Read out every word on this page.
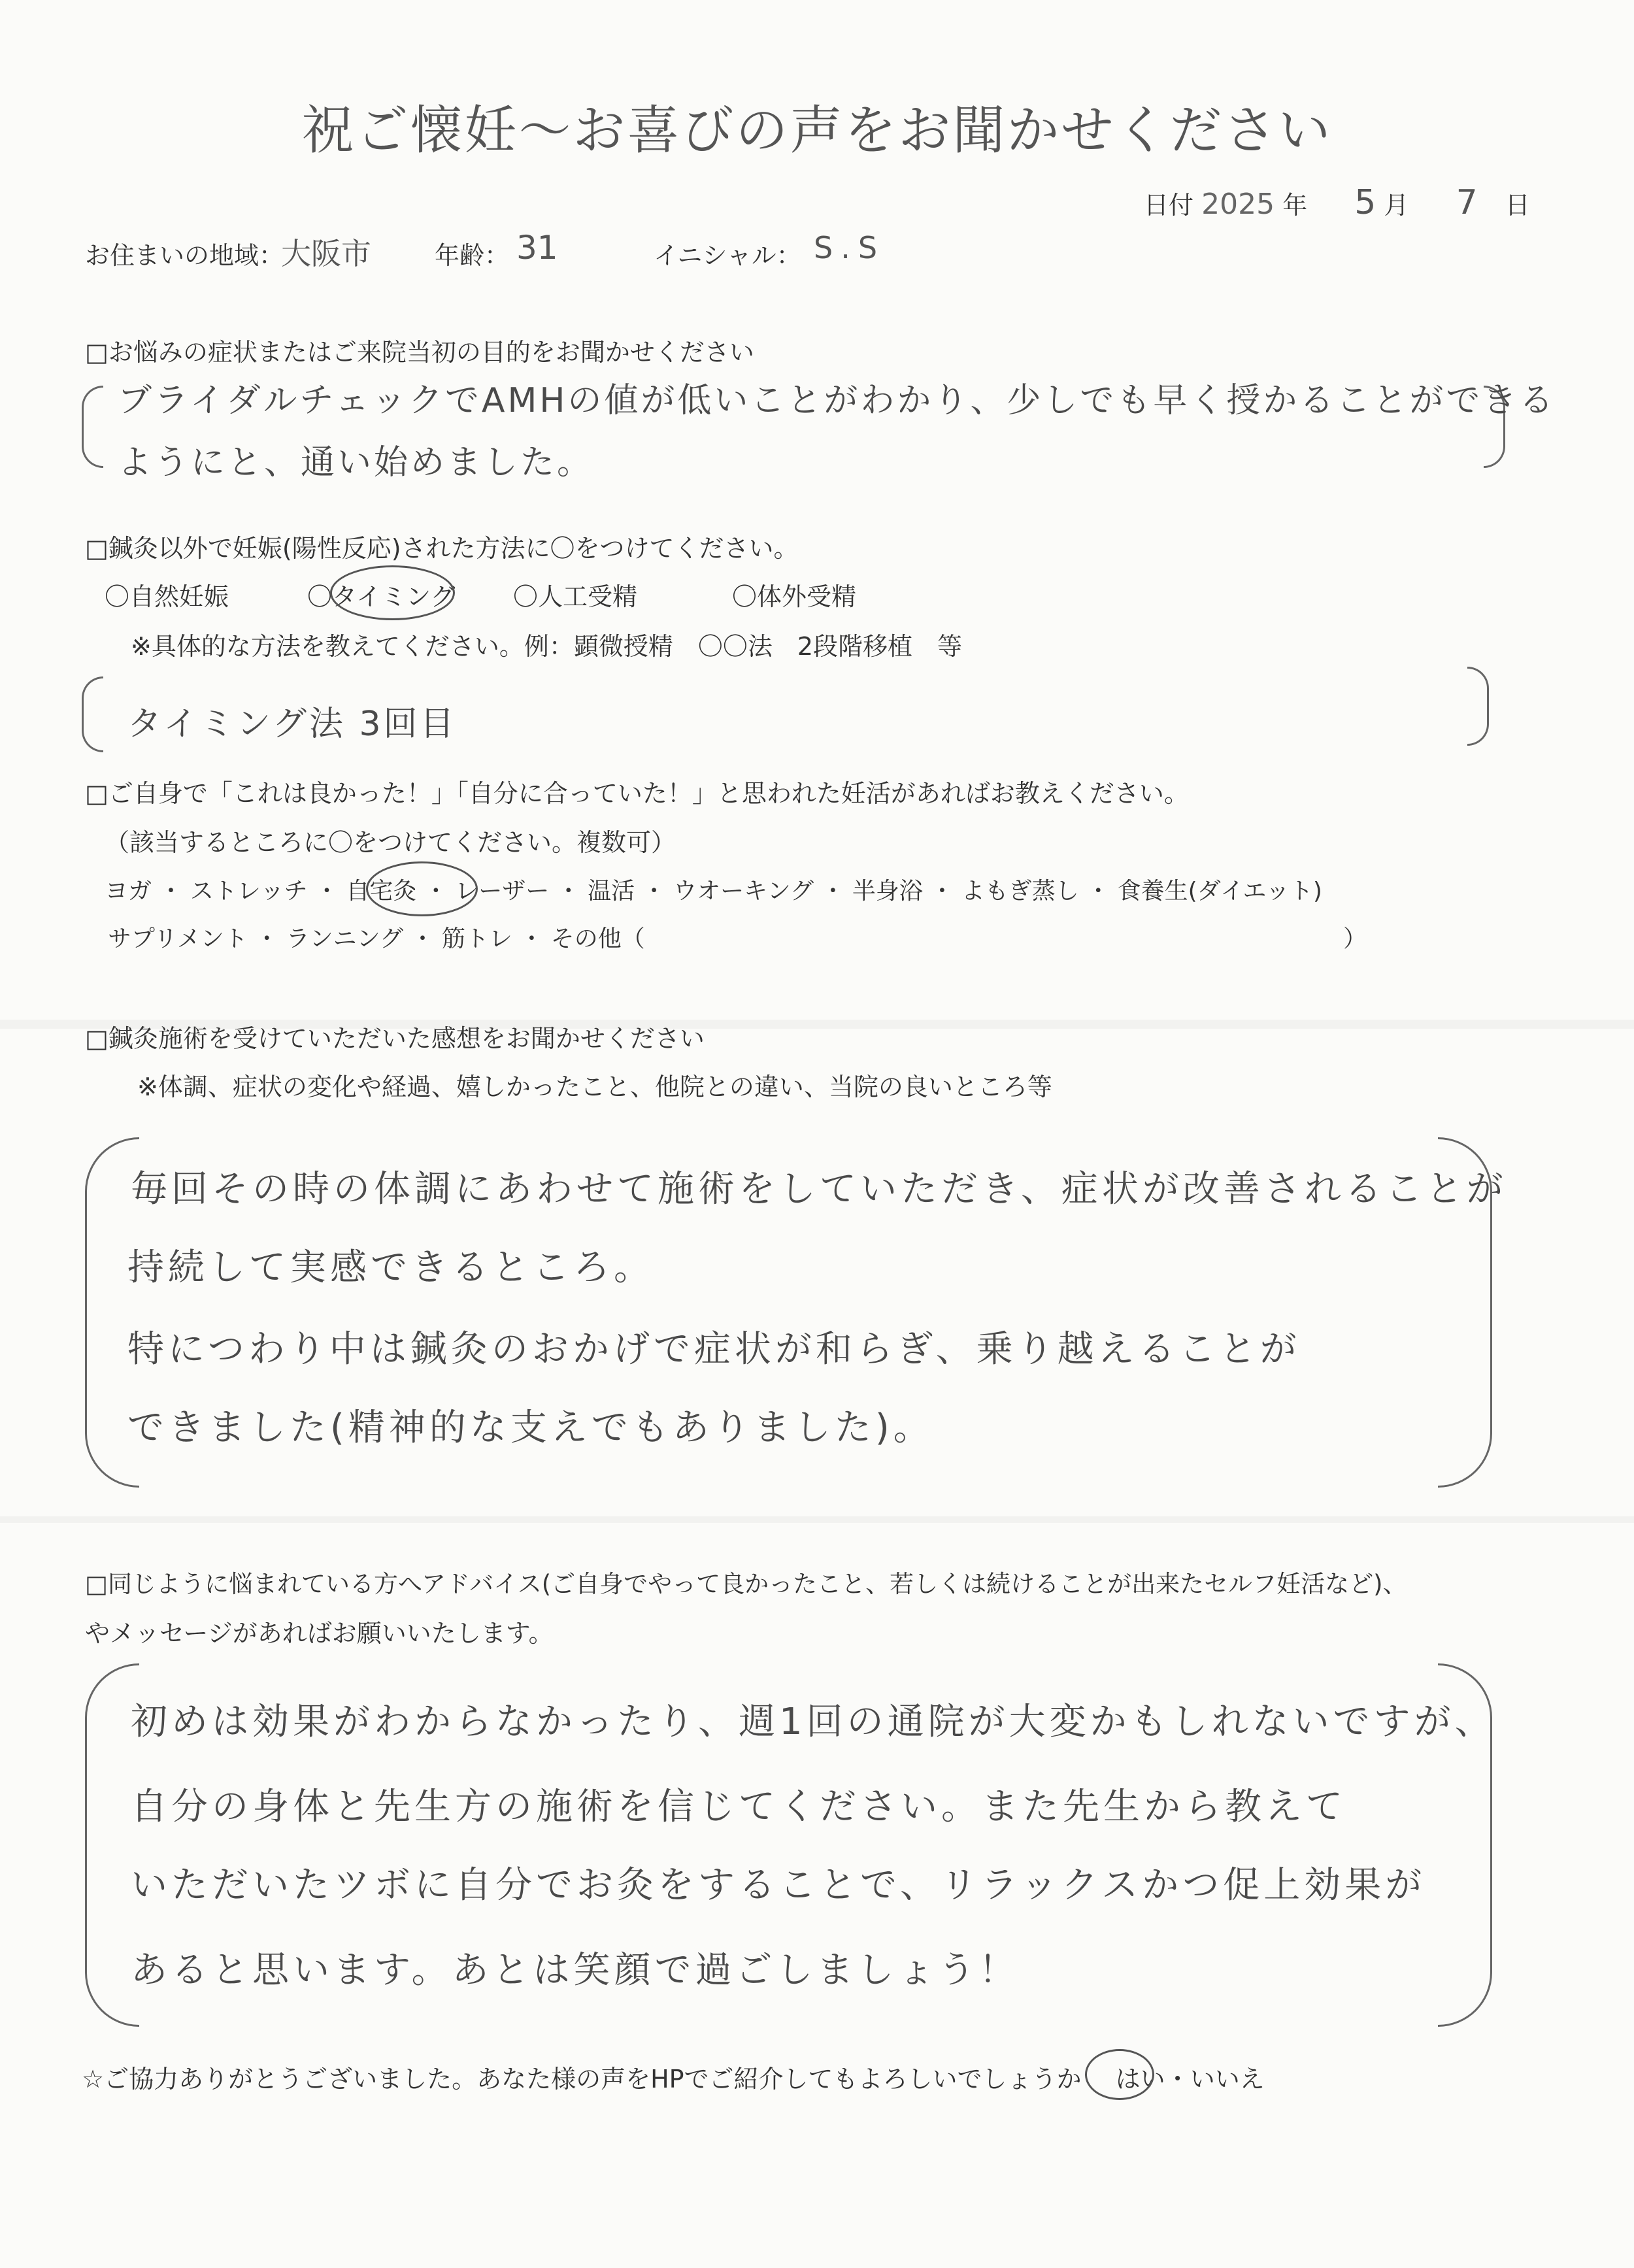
祝ご懐妊〜お喜びの声をお聞かせください
日付 2025 年 5 月 7 日
お住まいの地域：
大阪市	年齢： 31	イニシャル： S.S
□お悩みの症状またはご来院当初の目的をお聞かせください
ブライダルチェックでAMHの値が低いことがわかり、少しでも早く授かることができる
ようにと、通い始めました。
□鍼灸以外で妊娠(陽性反応)された方法に〇をつけてください。
〇自然妊娠	〇タイミング 〇人工受精	〇体外受精
※具体的な方法を教えてください。例：顕微授精　〇〇法　2段階移植　等
タイミング法 3回目
□ご自身で「これは良かった！」「自分に合っていた！」と思われた妊活があればお教えください。
（該当するところに〇をつけてください。複数可）
ヨガ ・ ストレッチ ・ 自宅灸 ・ レーザー ・ 温活 ・ ウオーキング ・ 半身浴 ・ よもぎ蒸し ・ 食養生(ダイエット)
サプリメント ・ ランニング ・ 筋トレ ・ その他（	）
□鍼灸施術を受けていただいた感想をお聞かせください
※体調、症状の変化や経過、嬉しかったこと、他院との違い、当院の良いところ等
毎回その時の体調にあわせて施術をしていただき、症状が改善されることが
持続して実感できるところ。
特につわり中は鍼灸のおかげで症状が和らぎ、乗り越えることが
できました(精神的な支えでもありました)。
□同じように悩まれている方へアドバイス(ご自身でやって良かったこと、若しくは続けることが出来たセルフ妊活など)、
やメッセージがあればお願いいたします。
初めは効果がわからなかったり、週1回の通院が大変かもしれないですが、
自分の身体と先生方の施術を信じてください。また先生から教えて
いただいたツボに自分でお灸をすることで、リラックスかつ促上効果が
あると思います。あとは笑顔で過ごしましょう！
☆ご協力ありがとうございました。あなた様の声をHPでご紹介してもよろしいでしょうか はい・いいえ
